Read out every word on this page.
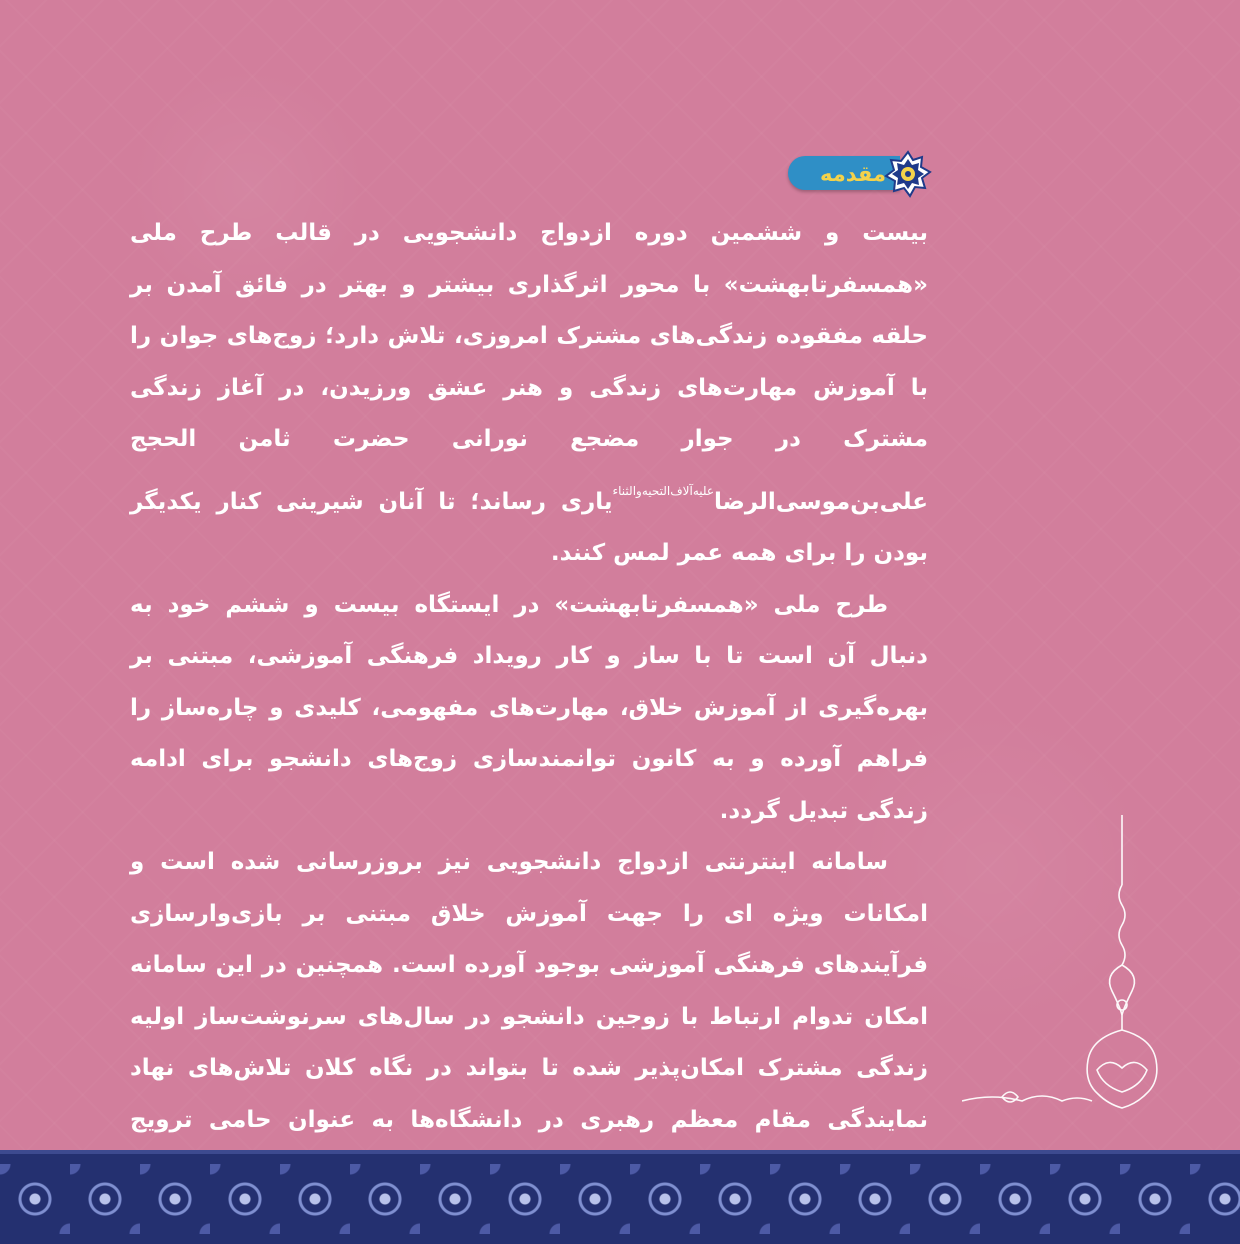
مقدمه

بیست و ششمین دوره ازدواج دانشجویی در قالب طرح ملی «همسفرتابهشت» با محور اثرگذاری بیشتر و بهتر در فائق آمدن بر حلقه مفقوده زندگی‌های مشترک امروزی، تلاش دارد؛ زوج‌های جوان را با آموزش مهارت‌های زندگی و هنر عشق ورزیدن، در آغاز زندگی مشترک در جوار مضجع نورانی حضرت ثامن الحجج علی‌بن‌موسی‌الرضا$^{علیه‌آلاف‌التحیه‌والثناء}$یاری رساند؛ تا آنان شیرینی کنار یکدیگر بودن را برای همه عمر لمس کنند.

طرح ملی «همسفرتابهشت» در ایستگاه بیست و ششم خود به دنبال آن است تا با ساز و کار رویداد فرهنگی آموزشی، مبتنی بر بهره‌گیری از آموزش خلاق، مهارت‌های مفهومی، کلیدی و چاره‌ساز را فراهم آورده و به کانون توانمندسازی زوج‌های دانشجو برای ادامه زندگی تبدیل گردد.

سامانه اینترنتی ازدواج دانشجویی نیز بروزرسانی شده است و امکانات ویژه ای را جهت آموزش خلاق مبتنی بر بازی‌وارسازی فرآیندهای فرهنگی آموزشی بوجود آورده است. همچنین در این سامانه امکان تدوام ارتباط با زوجین دانشجو در سال‌های سرنوشت‌ساز اولیه زندگی مشترک امکان‌پذیر شده تا بتواند در نگاه کلان تلاش‌های نهاد نمایندگی مقام معظم رهبری در دانشگاه‌ها به عنوان حامی ترویج
